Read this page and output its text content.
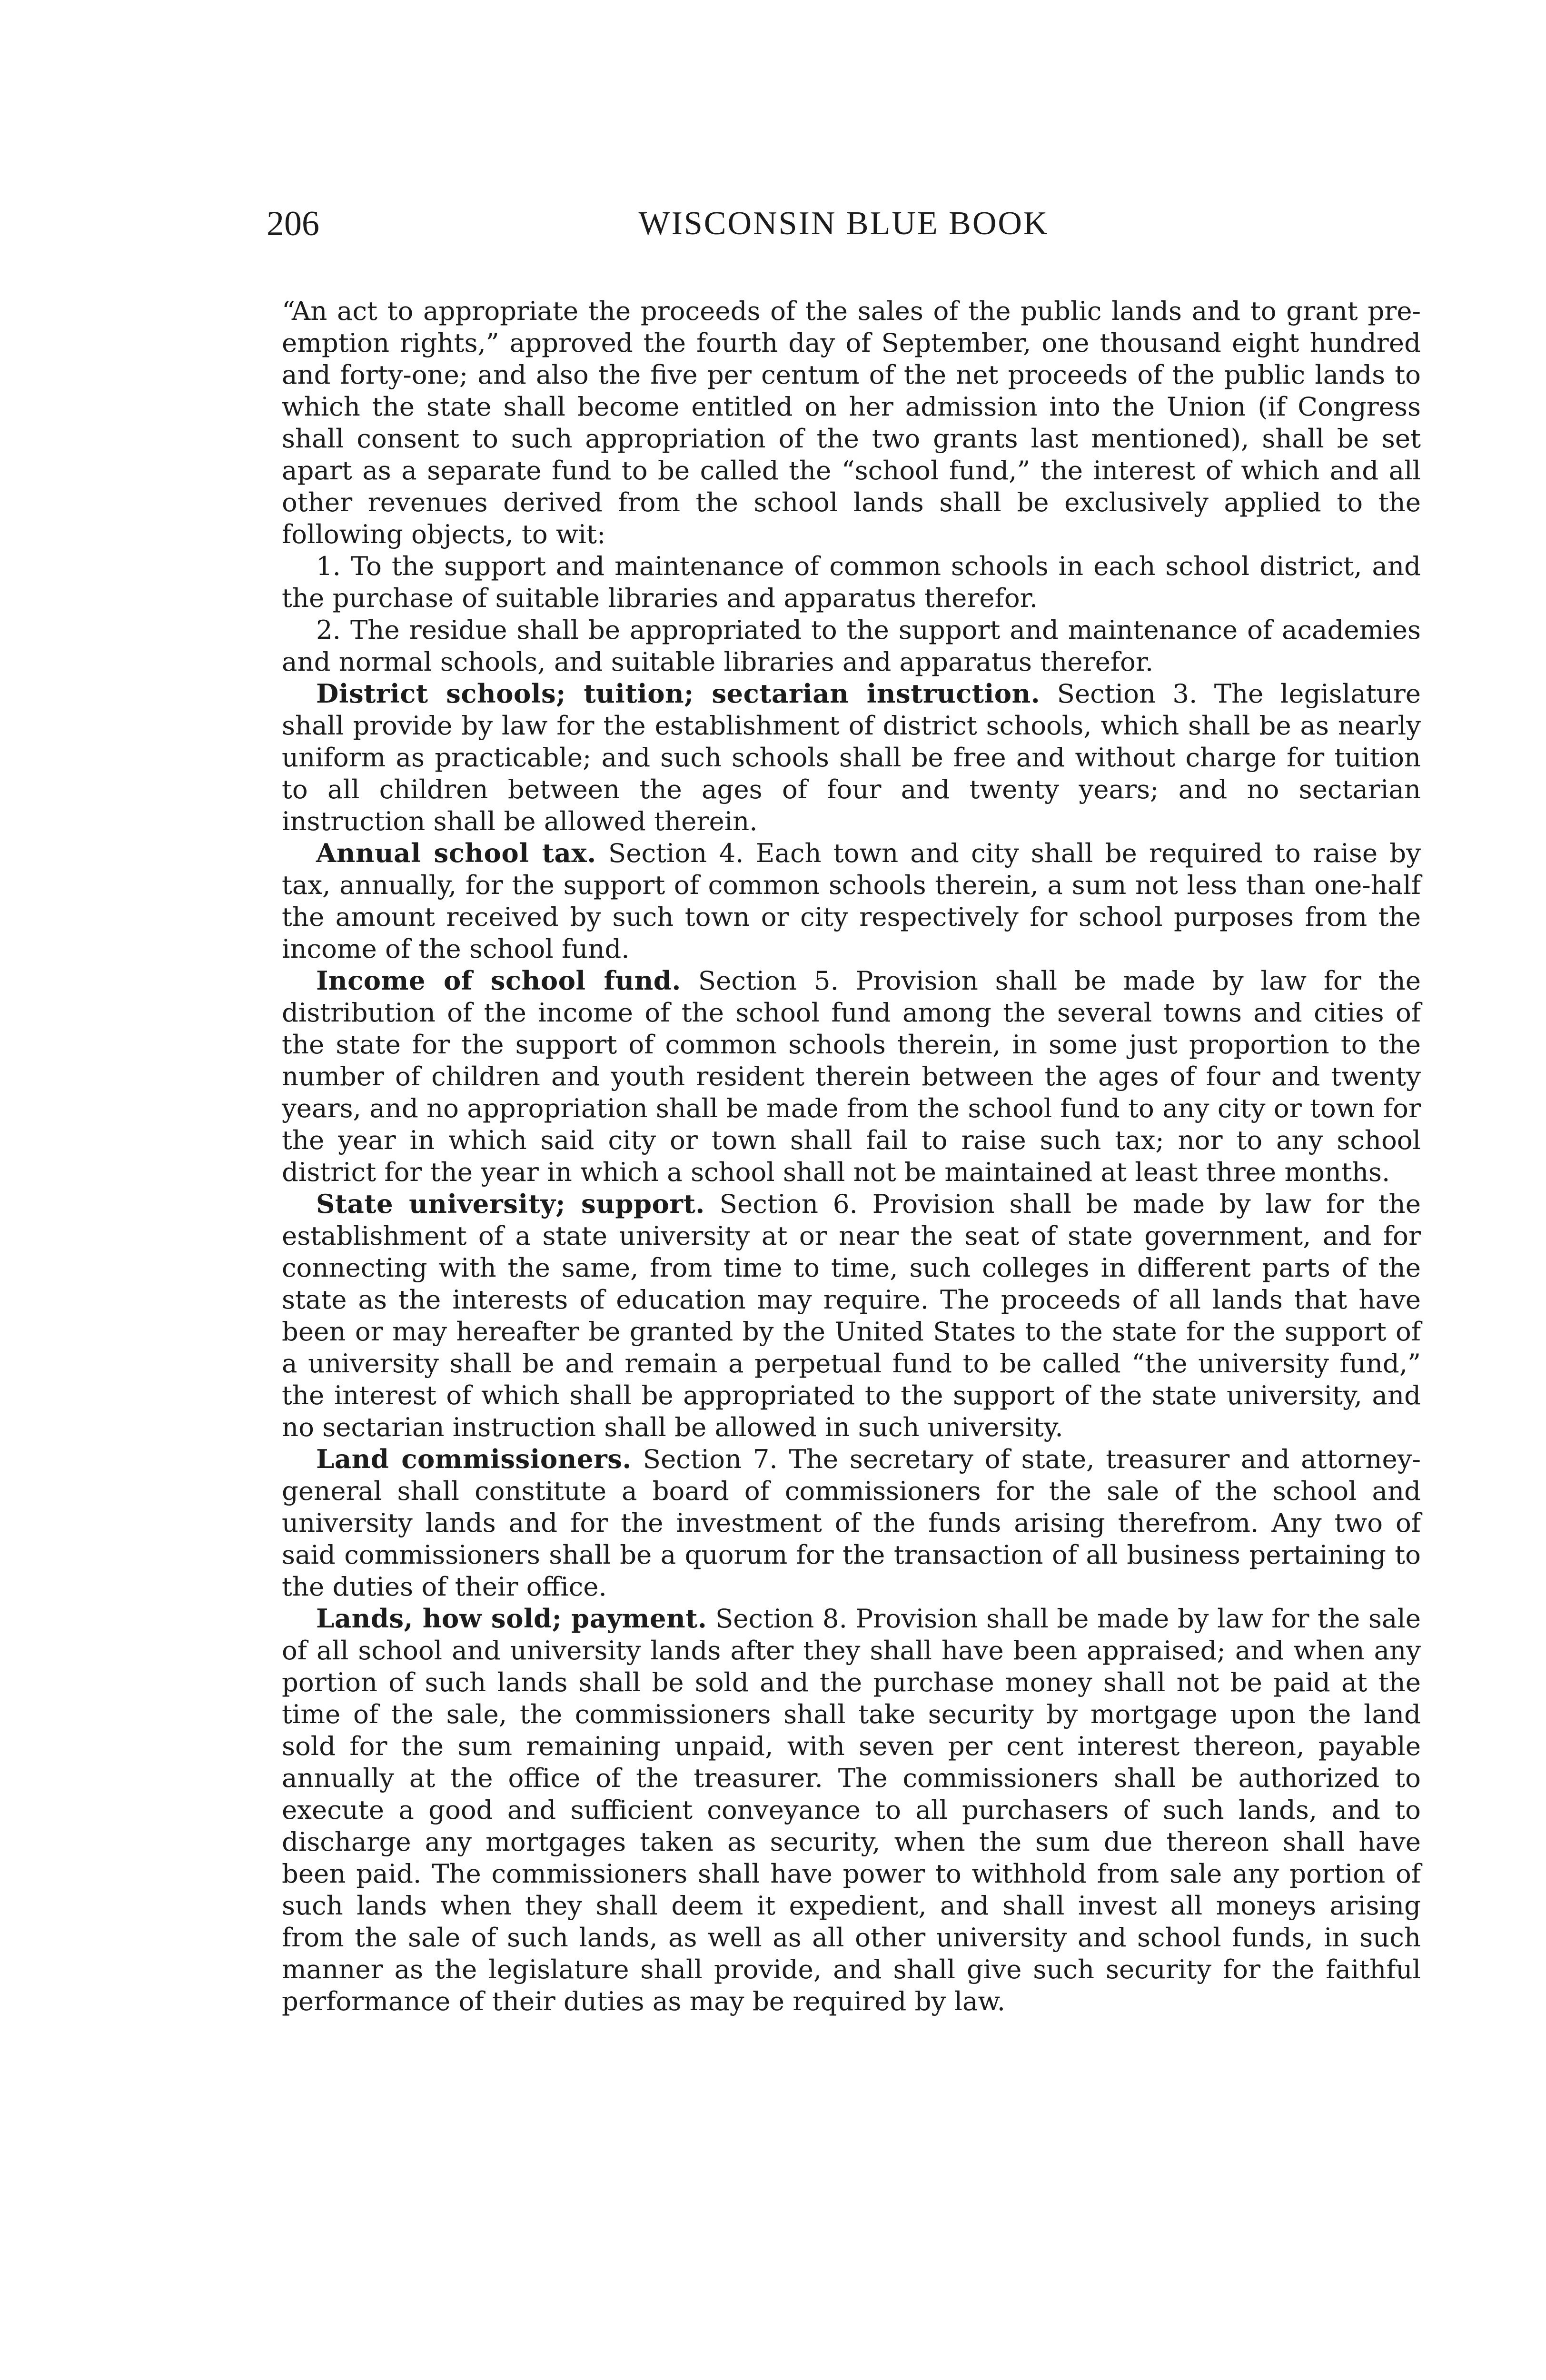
206	WISCONSIN BLUE BOOK

“An act to appropriate the proceeds of the sales of the public lands and to grant pre-emption rights,” approved the fourth day of September, one thousand eight hundred and forty-one; and also the five per centum of the net proceeds of the public lands to which the state shall become entitled on her admission into the Union (if Congress shall consent to such appropriation of the two grants last mentioned), shall be set apart as a separate fund to be called the “school fund,” the interest of which and all other revenues derived from the school lands shall be exclusively applied to the following objects, to wit:

1. To the support and maintenance of common schools in each school district, and the purchase of suitable libraries and apparatus therefor.

2. The residue shall be appropriated to the support and maintenance of academies and normal schools, and suitable libraries and apparatus therefor.

District schools; tuition; sectarian instruction. Section 3. The legislature shall provide by law for the establishment of district schools, which shall be as nearly uniform as practicable; and such schools shall be free and without charge for tuition to all children between the ages of four and twenty years; and no sectarian instruction shall be allowed therein.

Annual school tax. Section 4. Each town and city shall be required to raise by tax, annually, for the support of common schools therein, a sum not less than one-half the amount received by such town or city respectively for school purposes from the income of the school fund.

Income of school fund. Section 5. Provision shall be made by law for the distribution of the income of the school fund among the several towns and cities of the state for the support of common schools therein, in some just proportion to the number of children and youth resident therein between the ages of four and twenty years, and no appropriation shall be made from the school fund to any city or town for the year in which said city or town shall fail to raise such tax; nor to any school district for the year in which a school shall not be maintained at least three months.

State university; support. Section 6. Provision shall be made by law for the establishment of a state university at or near the seat of state government, and for connecting with the same, from time to time, such colleges in different parts of the state as the interests of education may require. The proceeds of all lands that have been or may hereafter be granted by the United States to the state for the support of a university shall be and remain a perpetual fund to be called “the university fund,” the interest of which shall be appropriated to the support of the state university, and no sectarian instruction shall be allowed in such university.

Land commissioners. Section 7. The secretary of state, treasurer and attorney-general shall constitute a board of commissioners for the sale of the school and university lands and for the investment of the funds arising therefrom. Any two of said commissioners shall be a quorum for the transaction of all business pertaining to the duties of their office.

Lands, how sold; payment. Section 8. Provision shall be made by law for the sale of all school and university lands after they shall have been appraised; and when any portion of such lands shall be sold and the purchase money shall not be paid at the time of the sale, the commissioners shall take security by mortgage upon the land sold for the sum remaining unpaid, with seven per cent interest thereon, payable annually at the office of the treasurer. The commissioners shall be authorized to execute a good and sufficient conveyance to all purchasers of such lands, and to discharge any mortgages taken as security, when the sum due thereon shall have been paid. The commissioners shall have power to withhold from sale any portion of such lands when they shall deem it expedient, and shall invest all moneys arising from the sale of such lands, as well as all other university and school funds, in such manner as the legislature shall provide, and shall give such security for the faithful performance of their duties as may be required by law.
